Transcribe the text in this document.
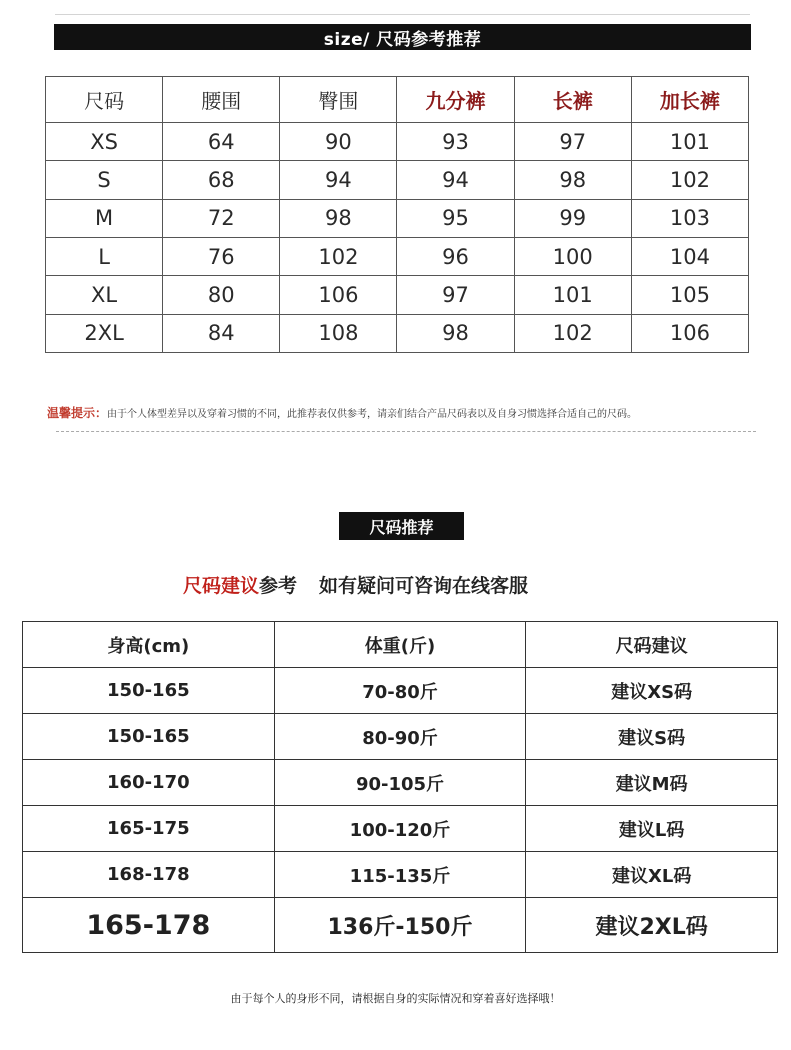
size/ 尺码参考推荐
尺码	腰围	臀围	九分裤	长裤	加长裤
XS	64	90	93	97	101
S	68	94	94	98	102
M	72	98	95	99	103
L	76	102	96	100	104
XL	80	106	97	101	105
2XL	84	108	98	102	106
温馨提示：由于个人体型差异以及穿着习惯的不同，此推荐表仅供参考，请亲们结合产品尺码表以及自身习惯选择合适自己的尺码。
尺码推荐
尺码建议参考 如有疑问可咨询在线客服
身高(cm)	体重(斤)	尺码建议
150-165	70-80斤	建议XS码
150-165	80-90斤	建议S码
160-170	90-105斤	建议M码
165-175	100-120斤	建议L码
168-178	115-135斤	建议XL码
165-178	136斤-150斤	建议2XL码
由于每个人的身形不同，请根据自身的实际情况和穿着喜好选择哦！
